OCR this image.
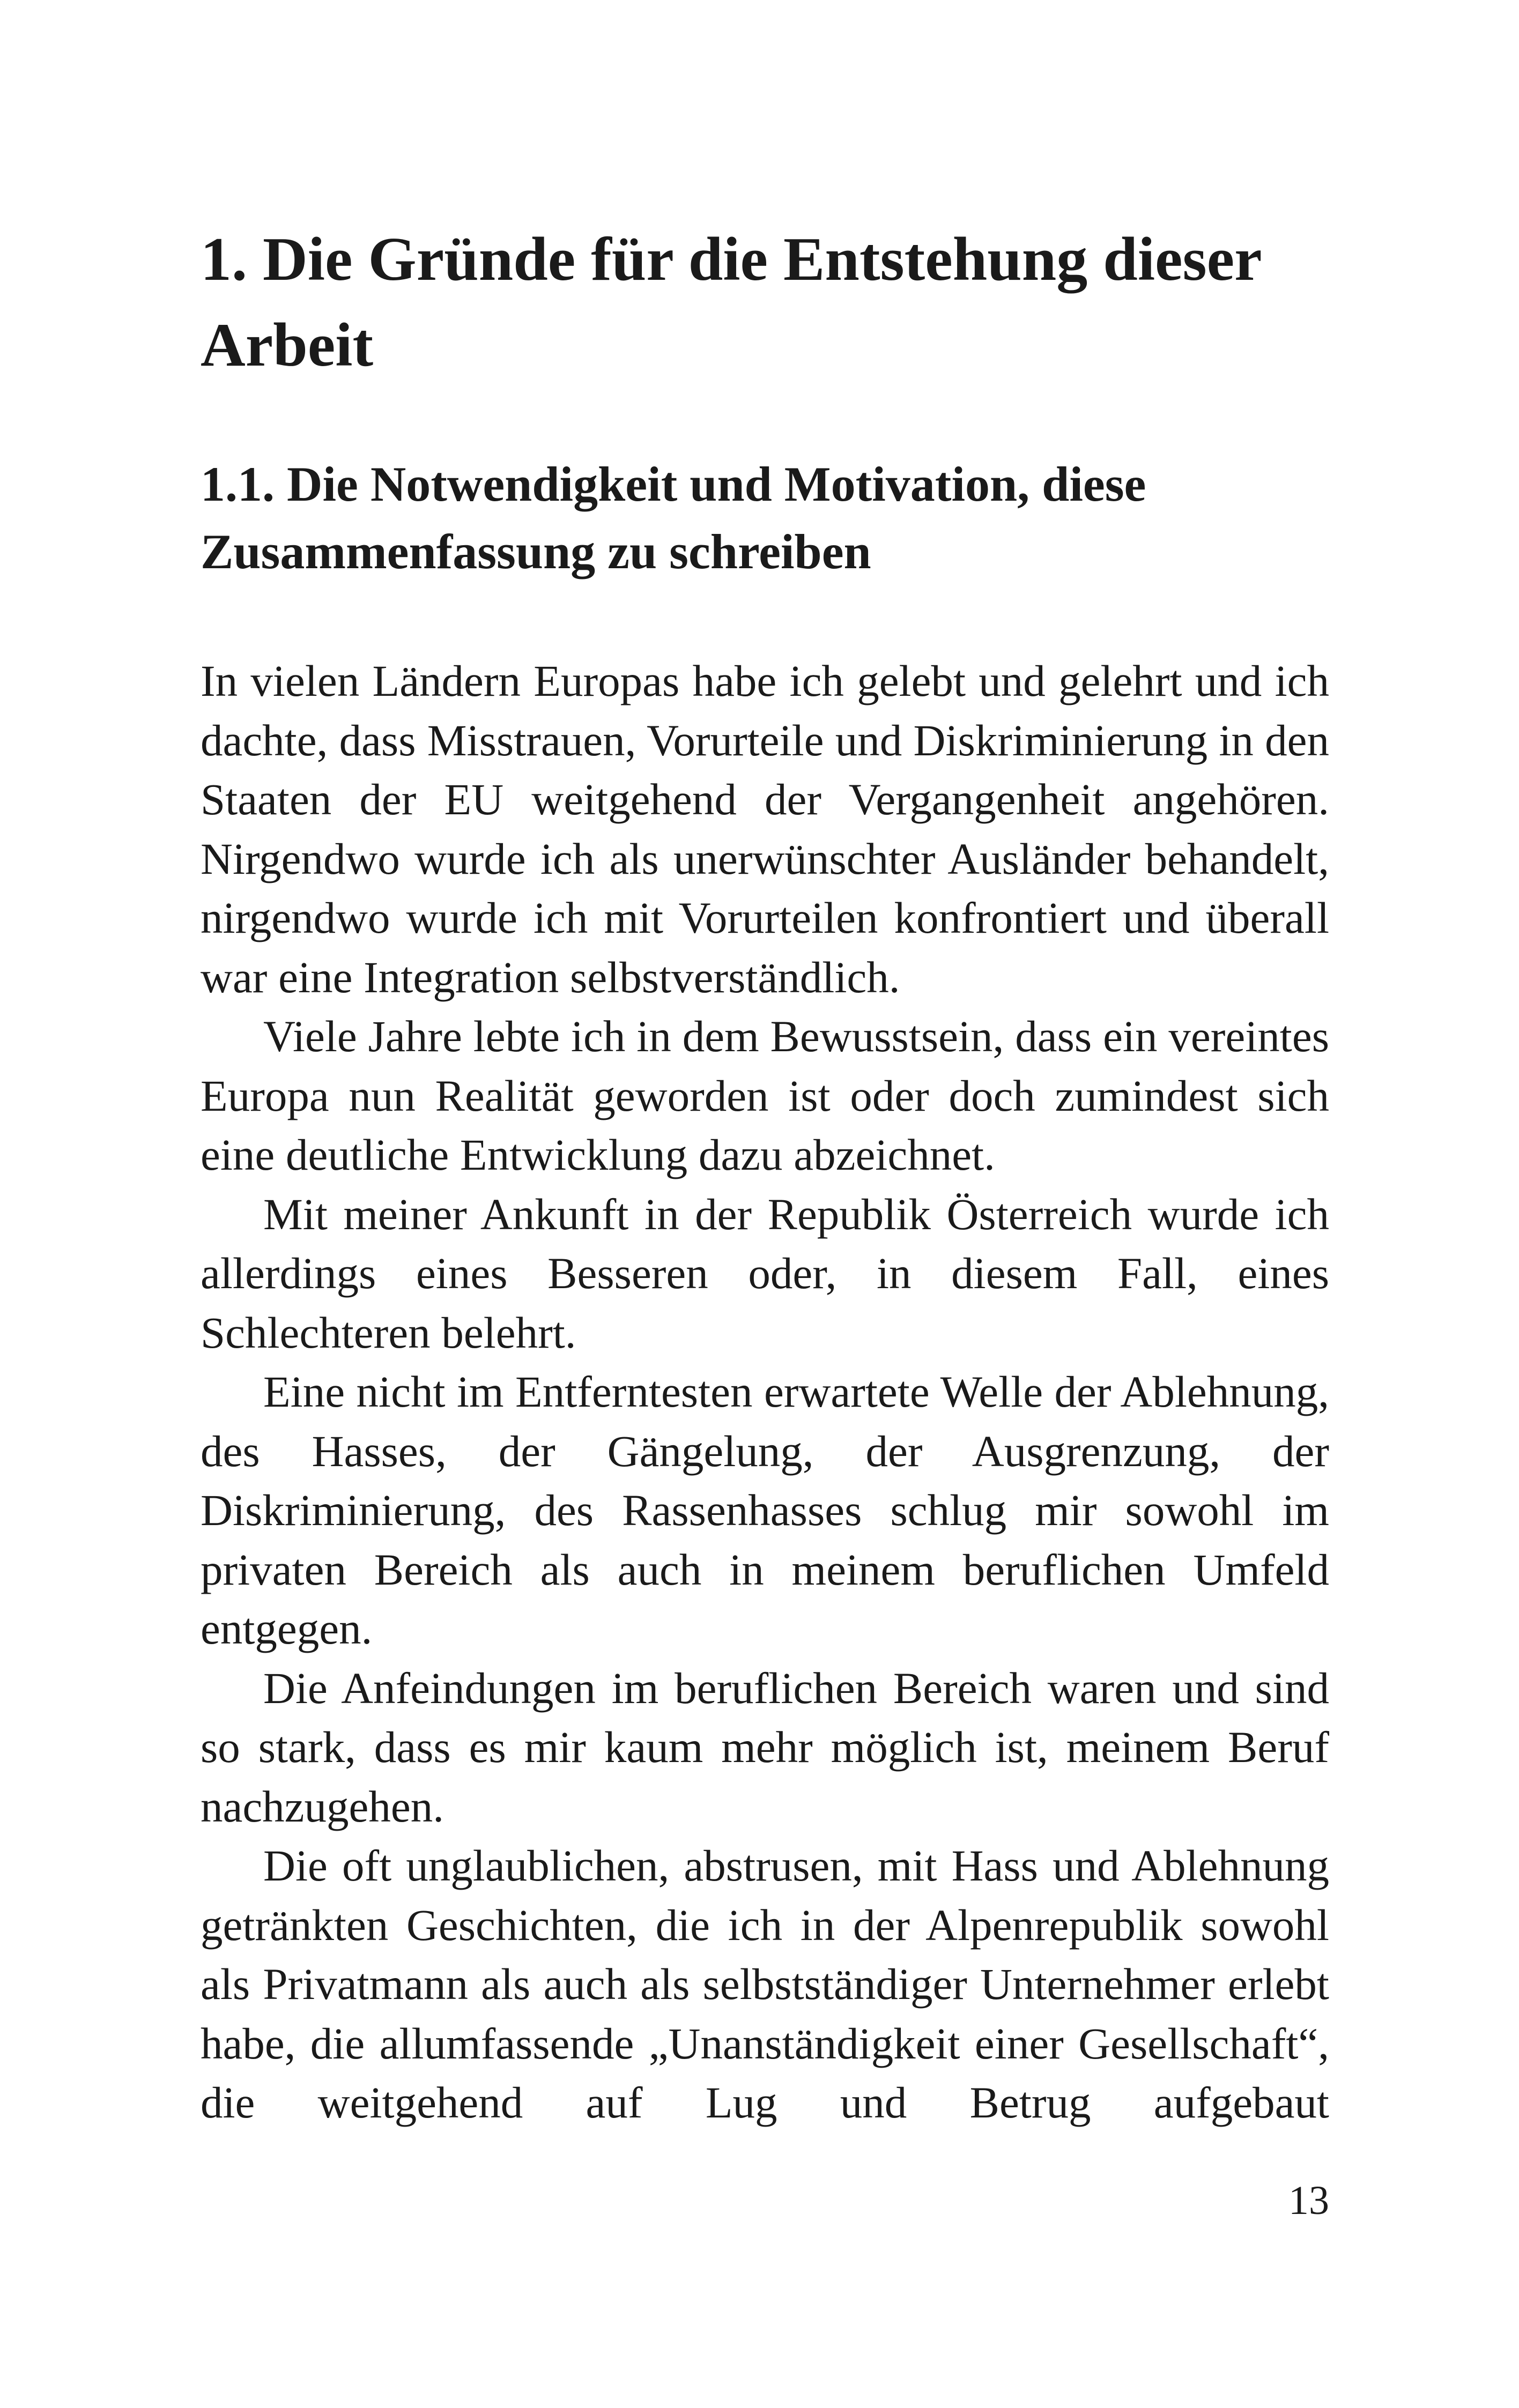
1. Die Gründe für die Entstehung dieser Arbeit
1.1. Die Notwendigkeit und Motivation, diese Zusammenfassung zu schreiben

In vielen Ländern Europas habe ich gelebt und gelehrt und ich dachte, dass Misstrauen, Vorurteile und Diskriminierung in den Staaten der EU weitgehend der Vergangenheit angehören. Nirgendwo wurde ich als unerwünschter Ausländer behandelt, nirgendwo wurde ich mit Vorurteilen konfrontiert und überall war eine Integration selbstverständlich.

Viele Jahre lebte ich in dem Bewusstsein, dass ein vereintes Europa nun Realität geworden ist oder doch zumindest sich eine deutliche Entwicklung dazu abzeichnet.

Mit meiner Ankunft in der Republik Österreich wurde ich allerdings eines Besseren oder, in diesem Fall, eines Schlechteren belehrt.

Eine nicht im Entferntesten erwartete Welle der Ablehnung, des Hasses, der Gängelung, der Ausgrenzung, der Diskriminierung, des Rassenhasses schlug mir sowohl im privaten Bereich als auch in meinem beruflichen Umfeld entgegen.

Die Anfeindungen im beruflichen Bereich waren und sind so stark, dass es mir kaum mehr möglich ist, meinem Beruf nachzugehen.

Die oft unglaublichen, abstrusen, mit Hass und Ablehnung getränkten Geschichten, die ich in der Alpenrepublik sowohl als Privatmann als auch als selbstständiger Unternehmer erlebt habe, die allumfassende „Unanständigkeit einer Gesellschaft“, die weitgehend auf Lug und Betrug aufgebaut

13
